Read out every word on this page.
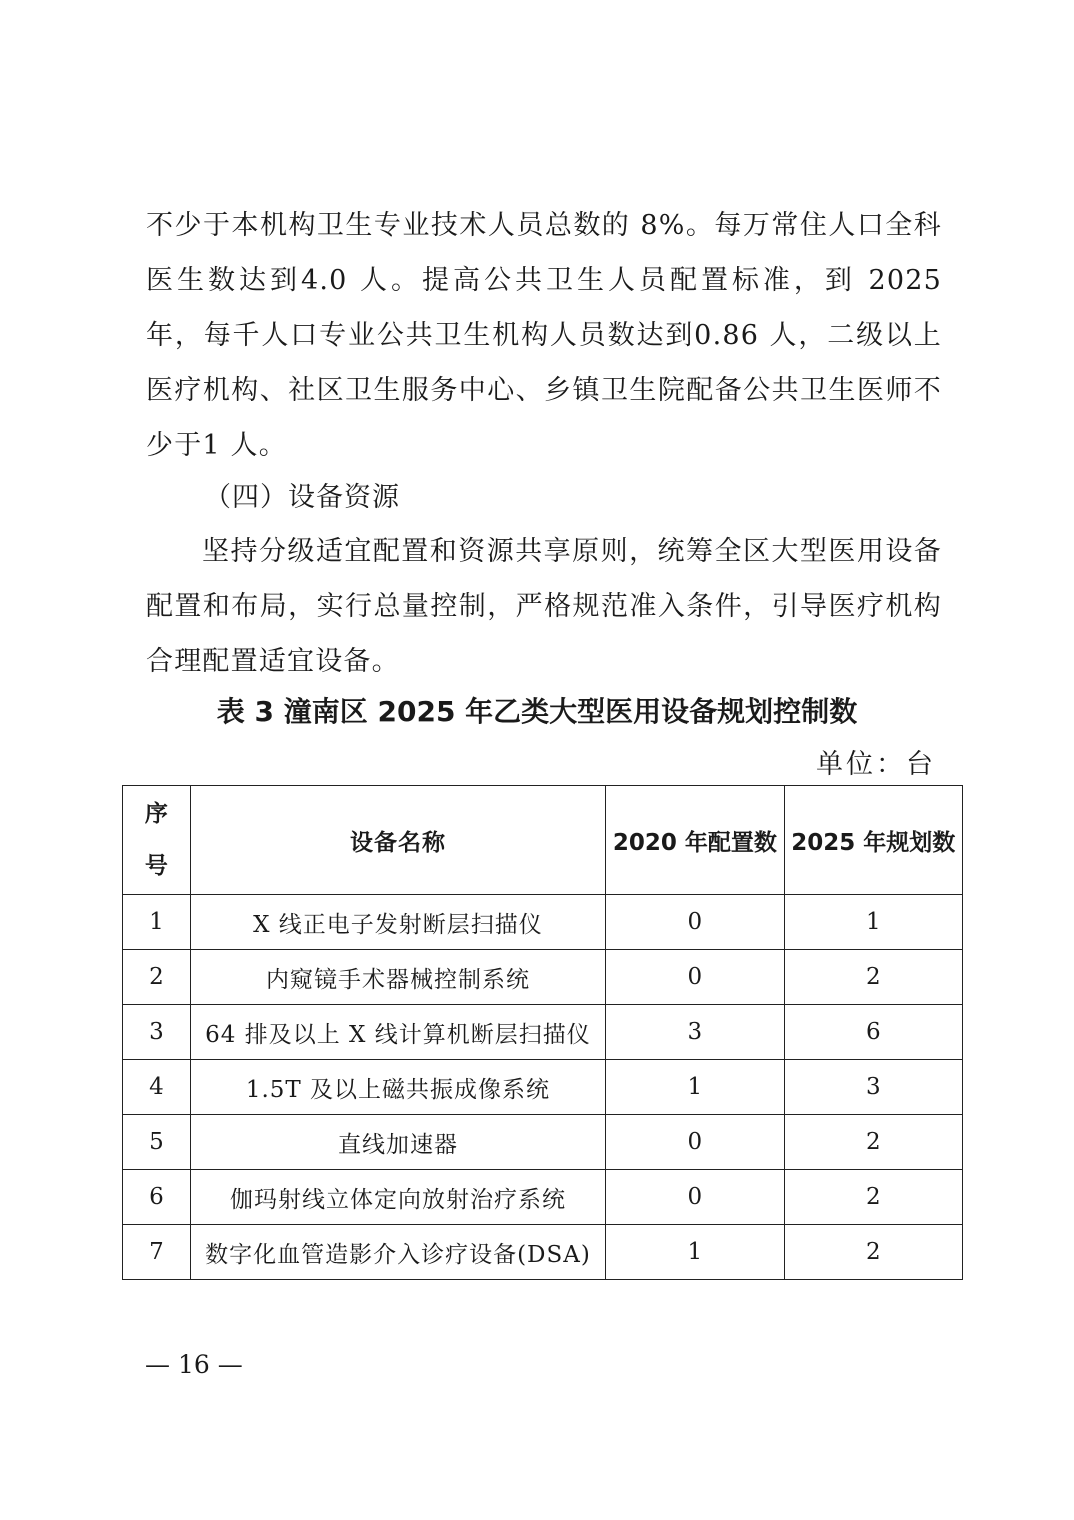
不少于本机构卫生专业技术人员总数的 8%。每万常住人口全科医生数达到4.0 人。提高公共卫生人员配置标准，到 2025 年，每千人口专业公共卫生机构人员数达到0.86 人，二级以上医疗机构、社区卫生服务中心、乡镇卫生院配备公共卫生医师不少于1 人。

（四）设备资源

坚持分级适宜配置和资源共享原则，统筹全区大型医用设备配置和布局，实行总量控制，严格规范准入条件，引导医疗机构合理配置适宜设备。

表 3 潼南区 2025 年乙类大型医用设备规划控制数
单位：台
序
号	设备名称	2020 年配置数	2025 年规划数
1	X 线正电子发射断层扫描仪	0	1
2	内窥镜手术器械控制系统	0	2
3	64 排及以上 X 线计算机断层扫描仪	3	6
4	1.5T 及以上磁共振成像系统	1	3
5	直线加速器	0	2
6	伽玛射线立体定向放射治疗系统	0	2
7	数字化血管造影介入诊疗设备(DSA)	1	2
— 16 —
